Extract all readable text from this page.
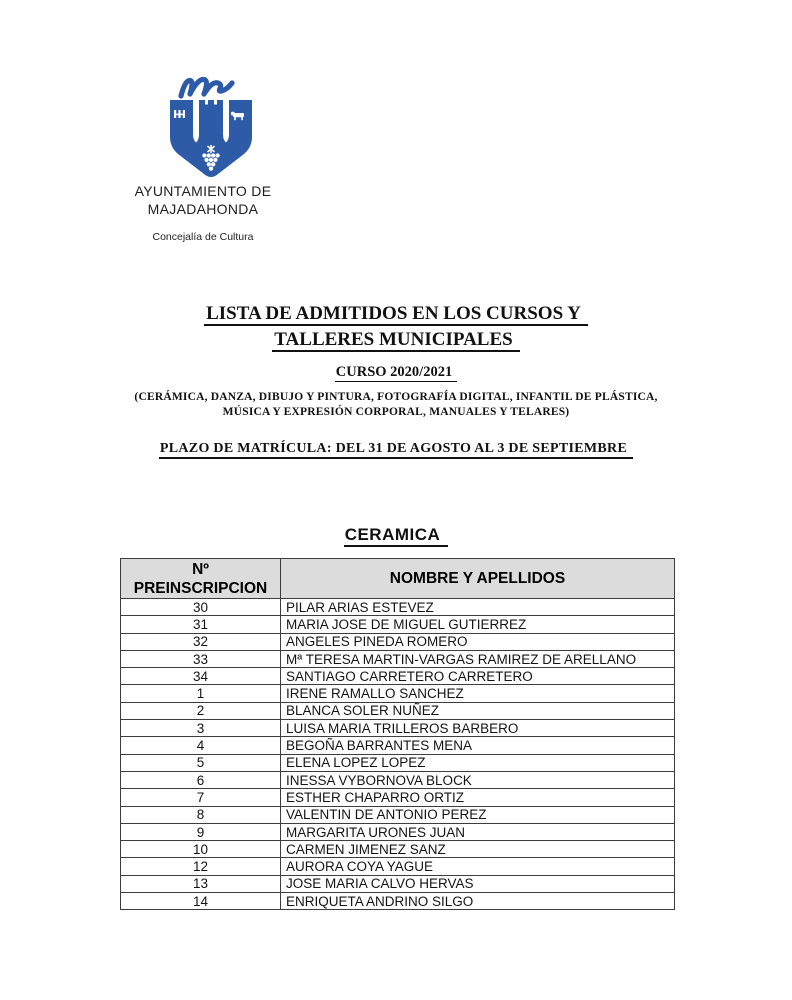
AYUNTAMIENTO DE
MAJADAHONDA
Concejalía de Cultura
LISTA DE ADMITIDOS EN LOS CURSOS Y
TALLERES MUNICIPALES
CURSO 2020/2021
(CERÁMICA, DANZA, DIBUJO Y PINTURA, FOTOGRAFÍA DIGITAL, INFANTIL DE PLÁSTICA,
MÚSICA Y EXPRESIÓN CORPORAL, MANUALES Y TELARES)
PLAZO DE MATRÍCULA: DEL 31 DE AGOSTO AL 3 DE SEPTIEMBRE
CERAMICA
Nº
PREINSCRIPCION	NOMBRE Y APELLIDOS
30	PILAR ARIAS ESTEVEZ
31	MARIA JOSE DE MIGUEL GUTIERREZ
32	ANGELES PINEDA ROMERO
33	Mª TERESA MARTIN-VARGAS RAMIREZ DE ARELLANO
34	SANTIAGO CARRETERO CARRETERO
1	IRENE RAMALLO SANCHEZ
2	BLANCA SOLER NUÑEZ
3	LUISA MARIA TRILLEROS BARBERO
4	BEGOÑA BARRANTES MENA
5	ELENA LOPEZ LOPEZ
6	INESSA VYBORNOVA BLOCK
7	ESTHER CHAPARRO ORTIZ
8	VALENTIN DE ANTONIO PEREZ
9	MARGARITA URONES JUAN
10	CARMEN JIMENEZ SANZ
12	AURORA COYA YAGUE
13	JOSE MARIA CALVO HERVAS
14	ENRIQUETA ANDRINO SILGO
